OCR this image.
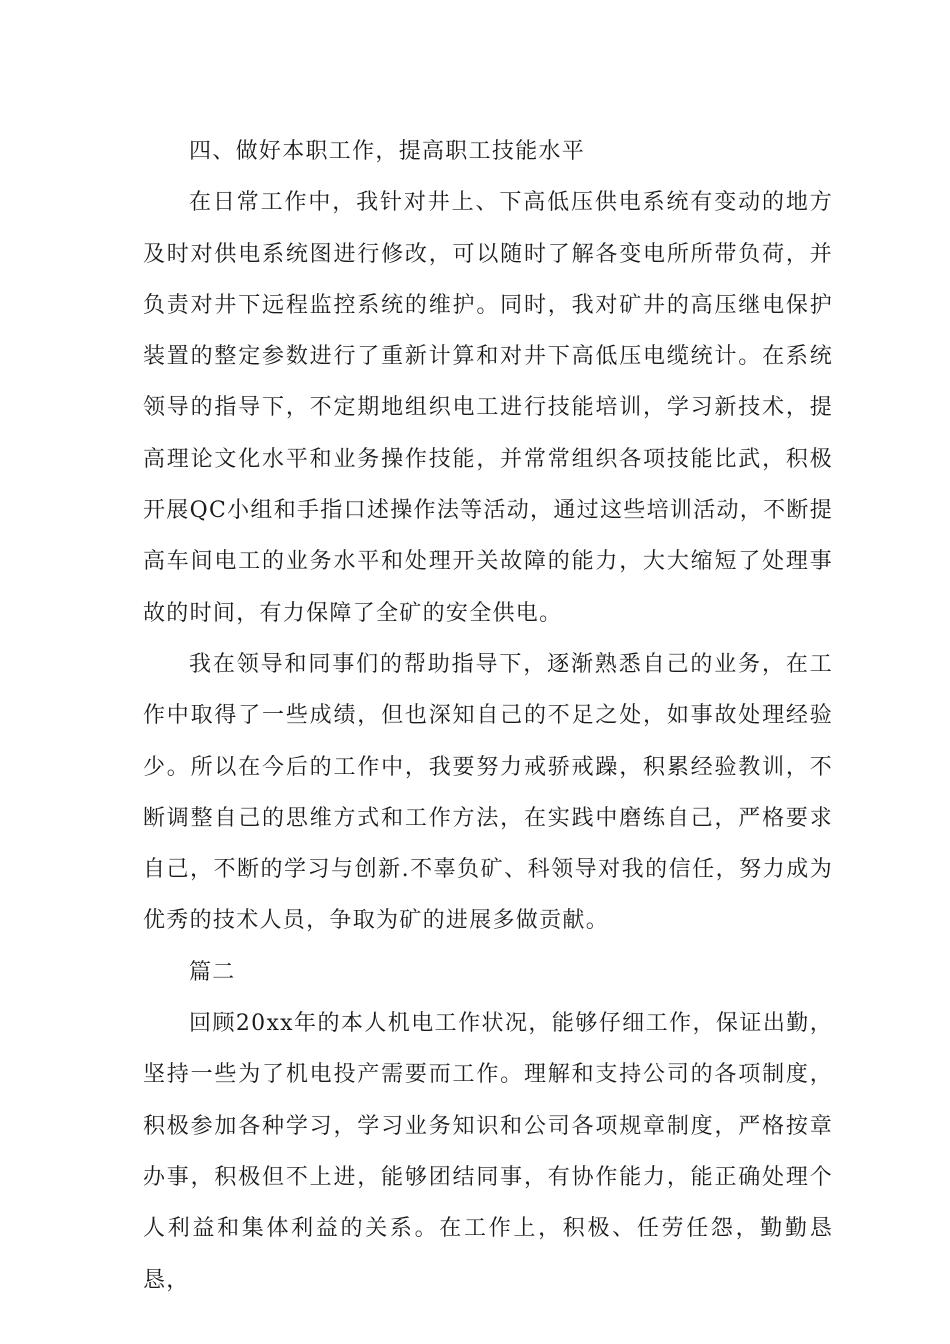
四、做好本职工作，提高职工技能水平

在日常工作中，我针对井上、下高低压供电系统有变动的地方及时对供电系统图进行修改，可以随时了解各变电所所带负荷，并负责对井下远程监控系统的维护。同时，我对矿井的高压继电保护装置的整定参数进行了重新计算和对井下高低压电缆统计。在系统领导的指导下，不定期地组织电工进行技能培训，学习新技术，提高理论文化水平和业务操作技能，并常常组织各项技能比武，积极开展QC小组和手指口述操作法等活动，通过这些培训活动，不断提高车间电工的业务水平和处理开关故障的能力，大大缩短了处理事故的时间，有力保障了全矿的安全供电。

我在领导和同事们的帮助指导下，逐渐熟悉自己的业务，在工作中取得了一些成绩，但也深知自己的不足之处，如事故处理经验少。所以在今后的工作中，我要努力戒骄戒躁，积累经验教训，不断调整自己的思维方式和工作方法，在实践中磨练自己，严格要求自己，不断的学习与创新.不辜负矿、科领导对我的信任，努力成为优秀的技术人员，争取为矿的进展多做贡献。

篇二

回顾20xx年的本人机电工作状况，能够仔细工作，保证出勤，坚持一些为了机电投产需要而工作。理解和支持公司的各项制度，积极参加各种学习，学习业务知识和公司各项规章制度，严格按章办事，积极但不上进，能够团结同事，有协作能力，能正确处理个人利益和集体利益的关系。在工作上，积极、任劳任怨，勤勤恳恳，
